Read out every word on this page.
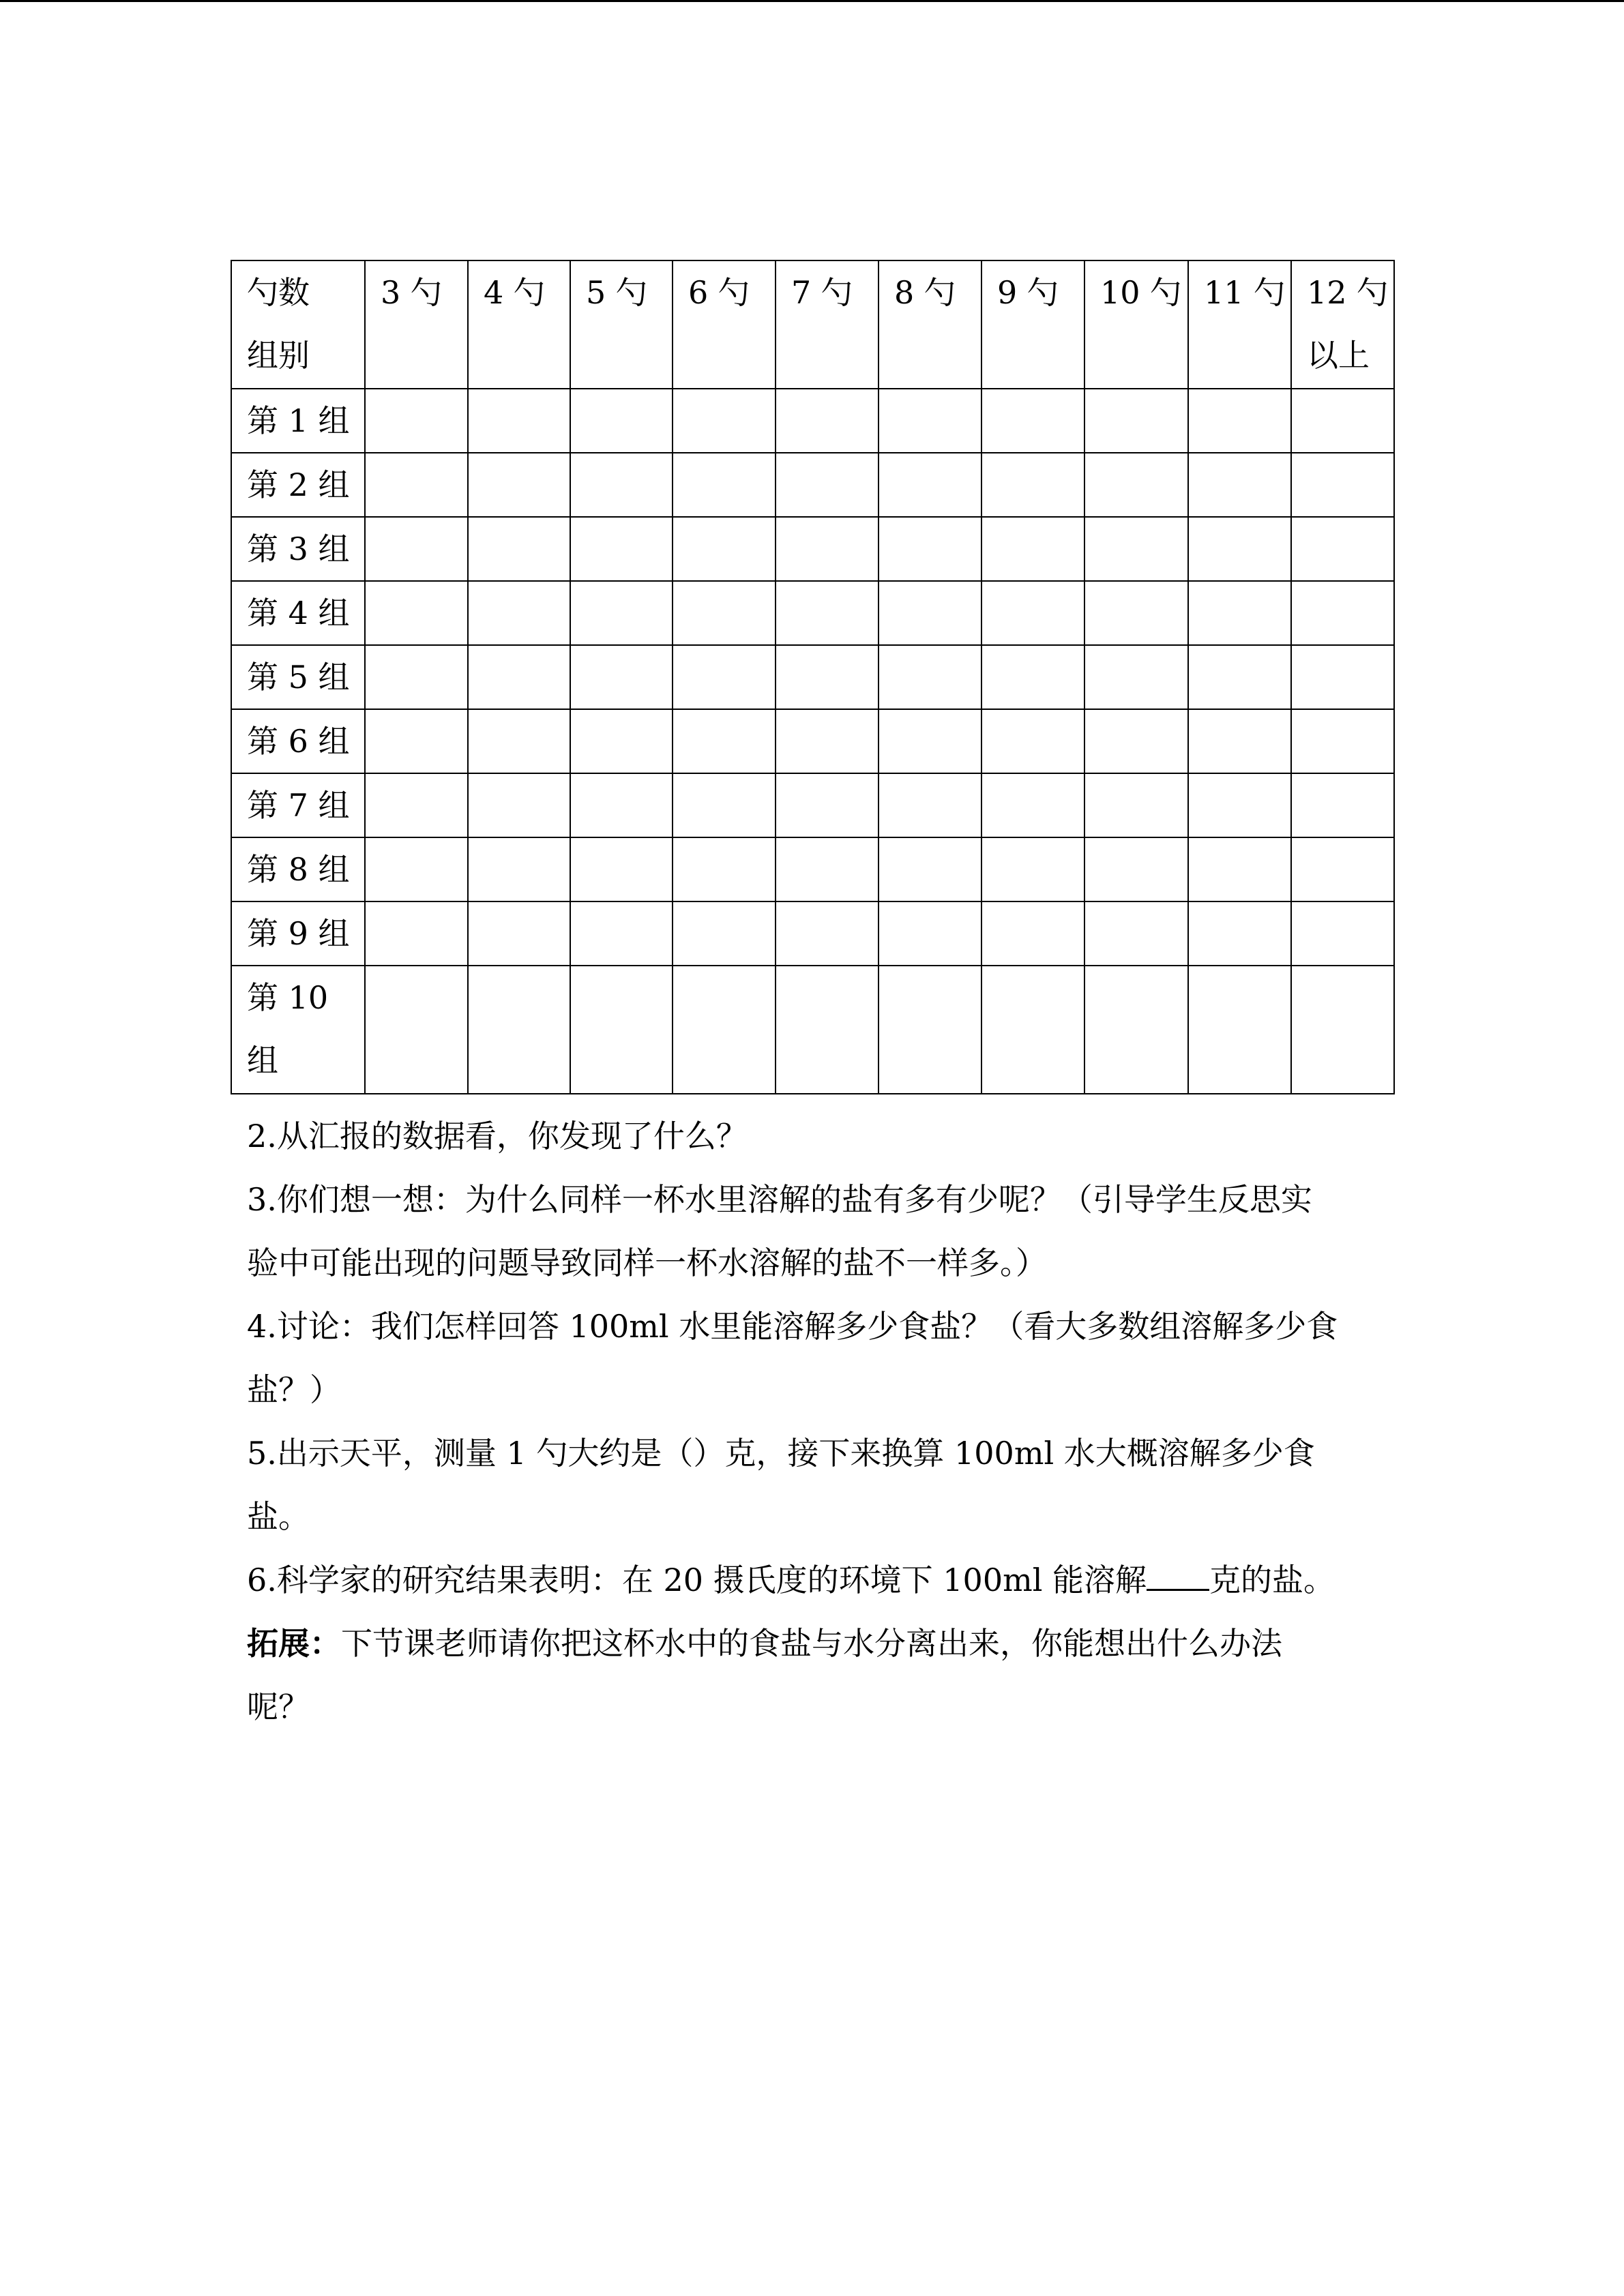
勺数
组别	3 勺	4 勺	5 勺	6 勺	7 勺	8 勺	9 勺	10 勺	11 勺	12 勺
以上

第 1 组										
第 2 组										
第 3 组										
第 4 组										
第 5 组										
第 6 组										
第 7 组										
第 8 组										
第 9 组										

第 10
组										

2.从汇报的数据看，你发现了什么？

3.你们想一想：为什么同样一杯水里溶解的盐有多有少呢？（引导学生反思实

验中可能出现的问题导致同样一杯水溶解的盐不一样多。）

4.讨论：我们怎样回答 100ml 水里能溶解多少食盐？（看大多数组溶解多少食

盐？）

5.出示天平，测量 1 勺大约是（）克，接下来换算 100ml 水大概溶解多少食

盐。

6.科学家的研究结果表明：在 20 摄氏度的环境下 100ml 能溶解 克的盐。

拓展：下节课老师请你把这杯水中的食盐与水分离出来，你能想出什么办法

呢？
